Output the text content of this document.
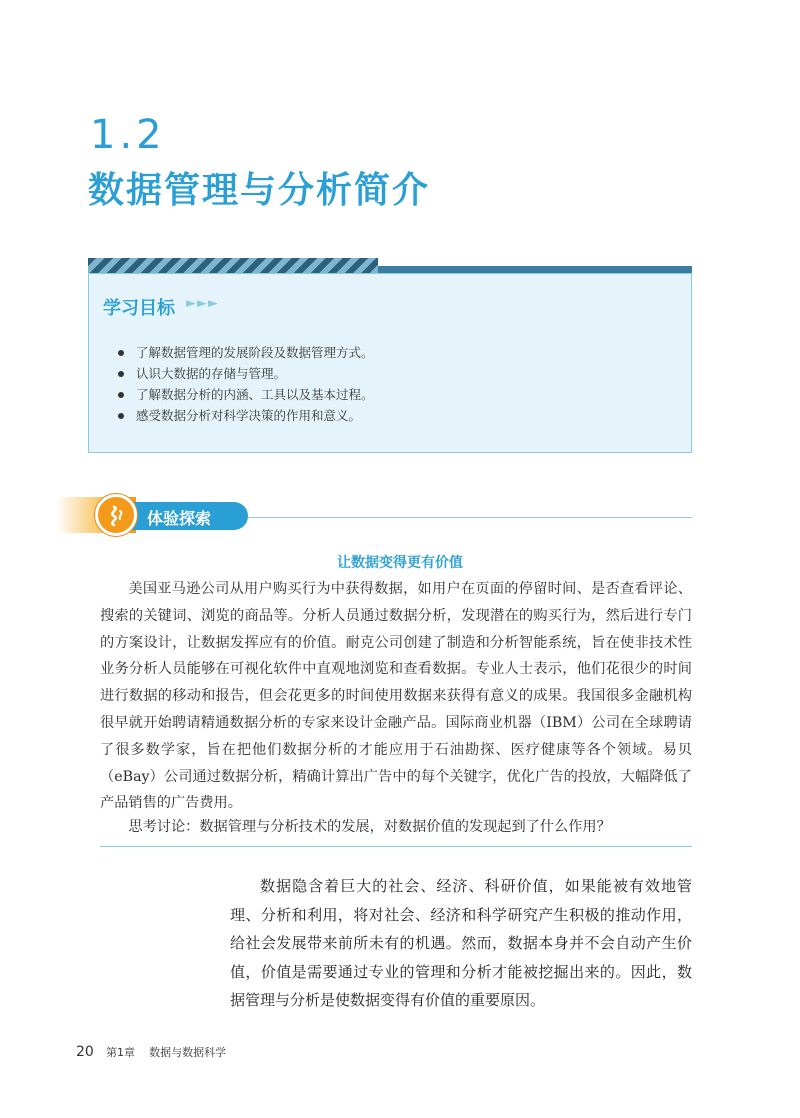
1.2
数据管理与分析简介
学习目标 ►►►
了解数据管理的发展阶段及数据管理方式。
认识大数据的存储与管理。
了解数据分析的内涵、工具以及基本过程。
感受数据分析对科学决策的作用和意义。
体验探索
让数据变得更有价值

美国亚马逊公司从用户购买行为中获得数据，如用户在页面的停留时间、是否查看评论、搜索的关键词、浏览的商品等。分析人员通过数据分析，发现潜在的购买行为，然后进行专门的方案设计，让数据发挥应有的价值。耐克公司创建了制造和分析智能系统，旨在使非技术性业务分析人员能够在可视化软件中直观地浏览和查看数据。专业人士表示，他们花很少的时间进行数据的移动和报告，但会花更多的时间使用数据来获得有意义的成果。我国很多金融机构很早就开始聘请精通数据分析的专家来设计金融产品。国际商业机器（IBM）公司在全球聘请了很多数学家，旨在把他们数据分析的才能应用于石油勘探、医疗健康等各个领域。易贝（eBay）公司通过数据分析，精确计算出广告中的每个关键字，优化广告的投放，大幅降低了产品销售的广告费用。

思考讨论：数据管理与分析技术的发展，对数据价值的发现起到了什么作用？

数据隐含着巨大的社会、经济、科研价值，如果能被有效地管理、分析和利用，将对社会、经济和科学研究产生积极的推动作用，给社会发展带来前所未有的机遇。然而，数据本身并不会自动产生价值，价值是需要通过专业的管理和分析才能被挖掘出来的。因此，数据管理与分析是使数据变得有价值的重要原因。

20 第1章 数据与数据科学
